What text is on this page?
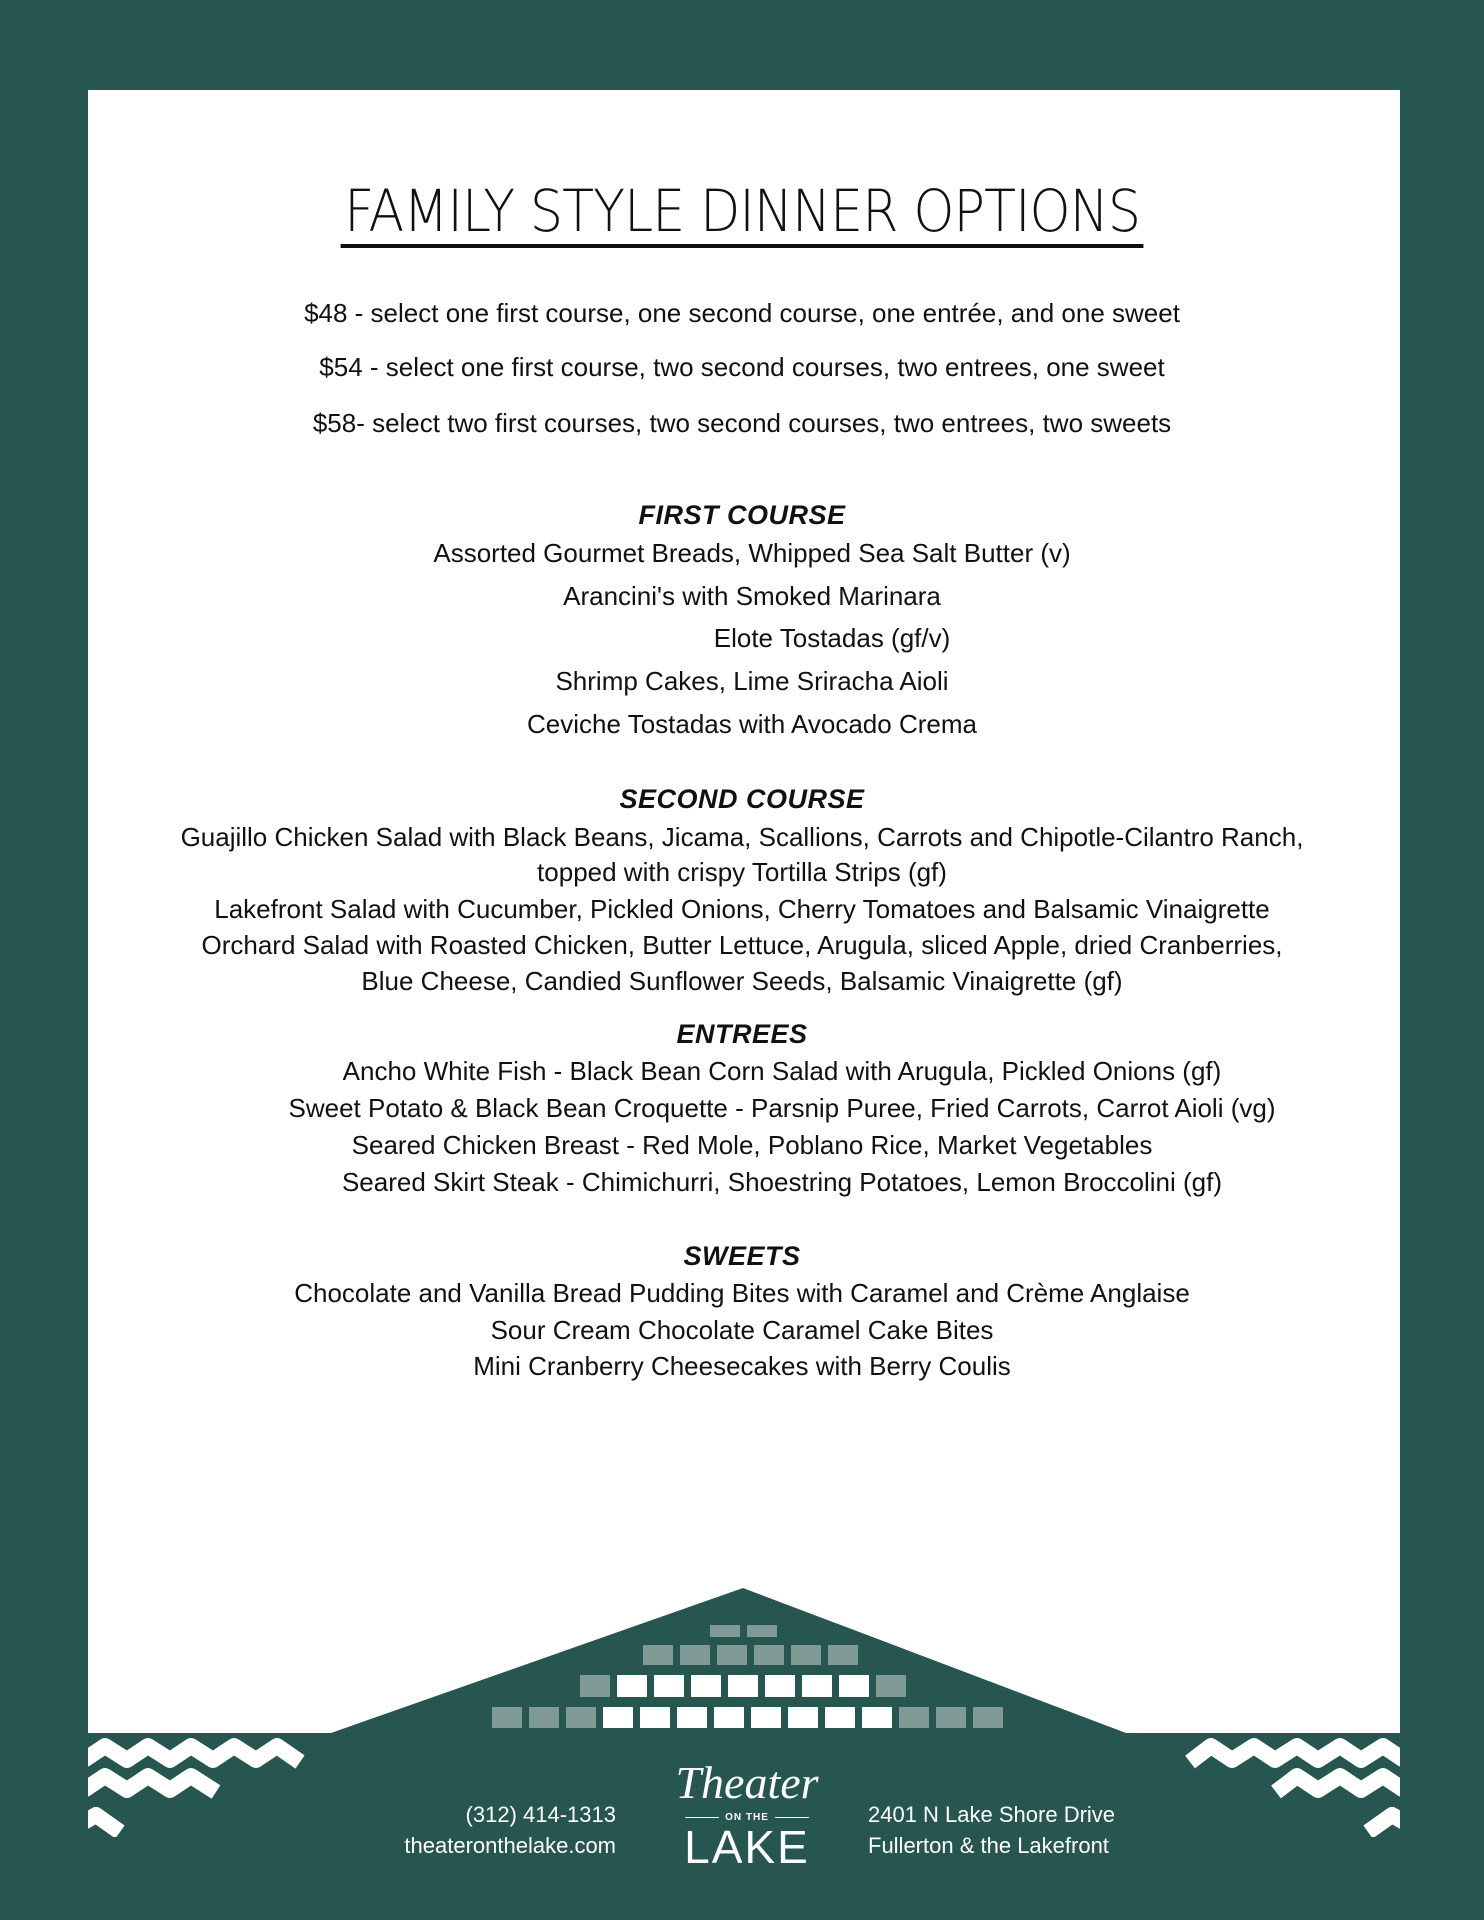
FAMILY STYLE DINNER OPTIONS
$48 - select one first course, one second course, one entrée, and one sweet
$54 - select one first course, two second courses, two entrees, one sweet
$58- select two first courses, two second courses, two entrees, two sweets
FIRST COURSE
Assorted Gourmet Breads, Whipped Sea Salt Butter (v)
Arancini's with Smoked Marinara
Elote Tostadas (gf/v)
Shrimp Cakes, Lime Sriracha Aioli
Ceviche Tostadas with Avocado Crema
SECOND COURSE
Guajillo Chicken Salad with Black Beans, Jicama, Scallions, Carrots and Chipotle-Cilantro Ranch,
topped with crispy Tortilla Strips (gf)
Lakefront Salad with Cucumber, Pickled Onions, Cherry Tomatoes and Balsamic Vinaigrette
Orchard Salad with Roasted Chicken, Butter Lettuce, Arugula, sliced Apple, dried Cranberries,
Blue Cheese, Candied Sunflower Seeds, Balsamic Vinaigrette (gf)
ENTREES
Ancho White Fish - Black Bean Corn Salad with Arugula, Pickled Onions (gf)
Sweet Potato & Black Bean Croquette - Parsnip Puree, Fried Carrots, Carrot Aioli (vg)
Seared Chicken Breast - Red Mole, Poblano Rice, Market Vegetables
Seared Skirt Steak - Chimichurri, Shoestring Potatoes, Lemon Broccolini (gf)
SWEETS
Chocolate and Vanilla Bread Pudding Bites with Caramel and Crème Anglaise
Sour Cream Chocolate Caramel Cake Bites
Mini Cranberry Cheesecakes with Berry Coulis
(312) 414-1313
theateronthelake.com
2401 N Lake Shore Drive
Fullerton & the Lakefront
Theater
ON THE
LAKE
